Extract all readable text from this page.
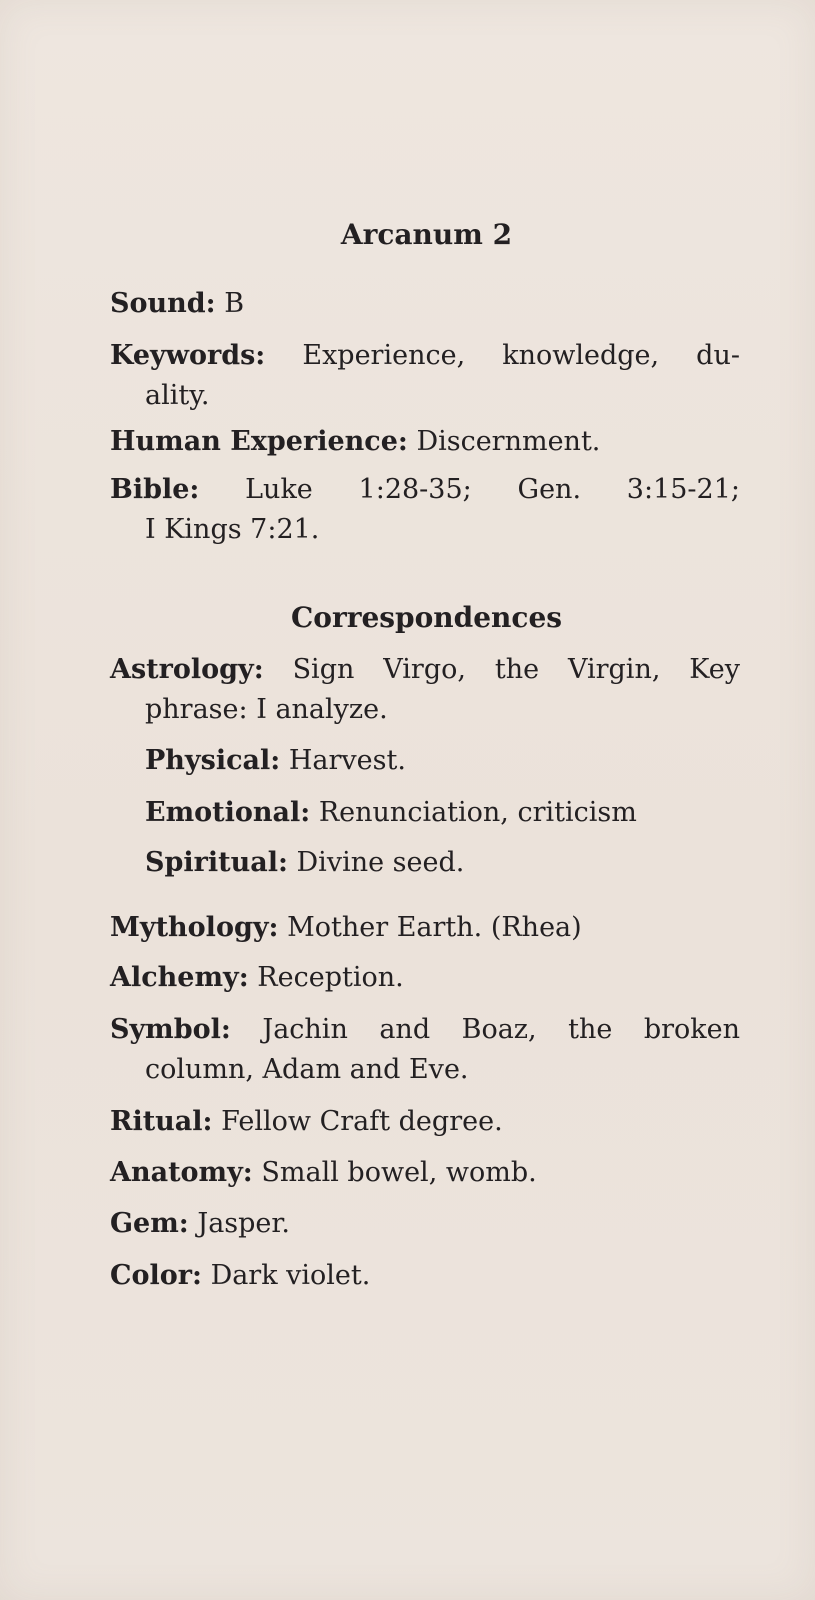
Arcanum 2

Sound: B

Keywords: Experience, knowledge, du-
ality.

Human Experience: Discernment.

Bible: Luke 1:28-35; Gen. 3:15-21;
I Kings 7:21.

Correspondences

Astrology: Sign Virgo, the Virgin, Key
phrase: I analyze.

Physical: Harvest.

Emotional: Renunciation, criticism

Spiritual: Divine seed.

Mythology: Mother Earth. (Rhea)

Alchemy: Reception.

Symbol: Jachin and Boaz, the broken
column, Adam and Eve.

Ritual: Fellow Craft degree.

Anatomy: Small bowel, womb.

Gem: Jasper.

Color: Dark violet.
